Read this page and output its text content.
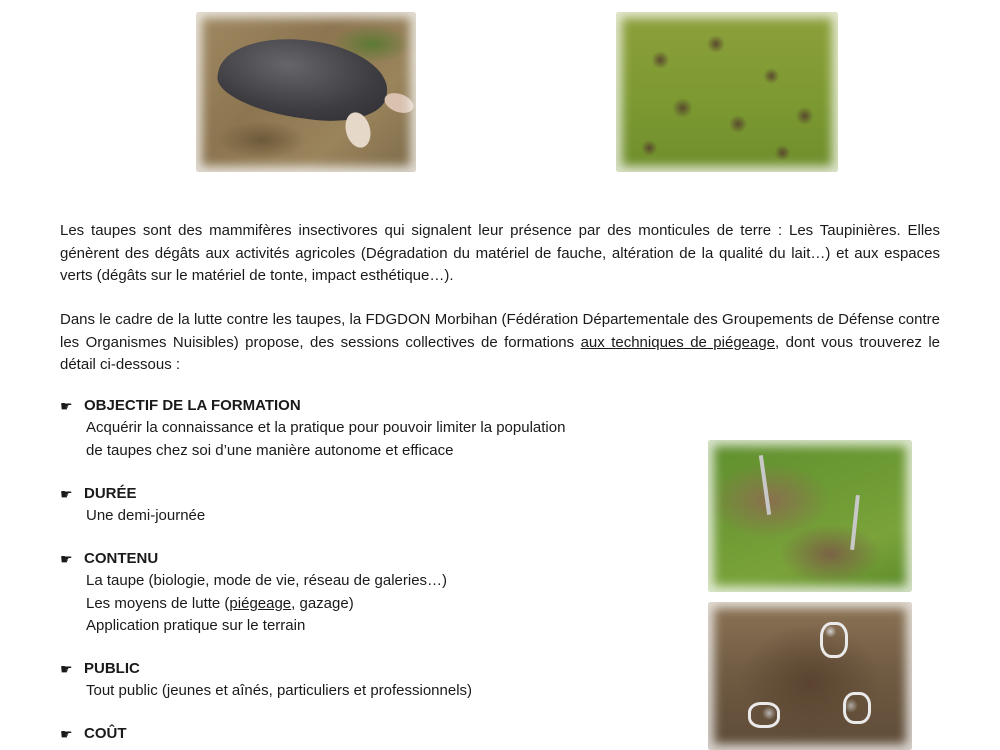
Les taupes sont des mammifères insectivores qui signalent leur présence par des monticules de terre : Les Taupinières. Elles génèrent des dégâts aux activités agricoles (Dégradation du matériel de fauche, altération de la qualité du lait…) et aux espaces verts (dégâts sur le matériel de tonte, impact esthétique…).

Dans le cadre de la lutte contre les taupes, la FDGDON Morbihan (Fédération Départementale des Groupements de Défense contre les Organismes Nuisibles) propose, des sessions collectives de formations aux techniques de piégeage, dont vous trouverez le détail ci-dessous :

☛ OBJECTIF DE LA FORMATION

Acquérir la connaissance et la pratique pour pouvoir limiter la population

de taupes chez soi d’une manière autonome et efficace

☛ DURÉE

Une demi-journée

☛ CONTENU

La taupe (biologie, mode de vie, réseau de galeries…)

Les moyens de lutte (piégeage, gazage)

Application pratique sur le terrain

☛ PUBLIC

Tout public (jeunes et aînés, particuliers et professionnels)

☛ COÛT
